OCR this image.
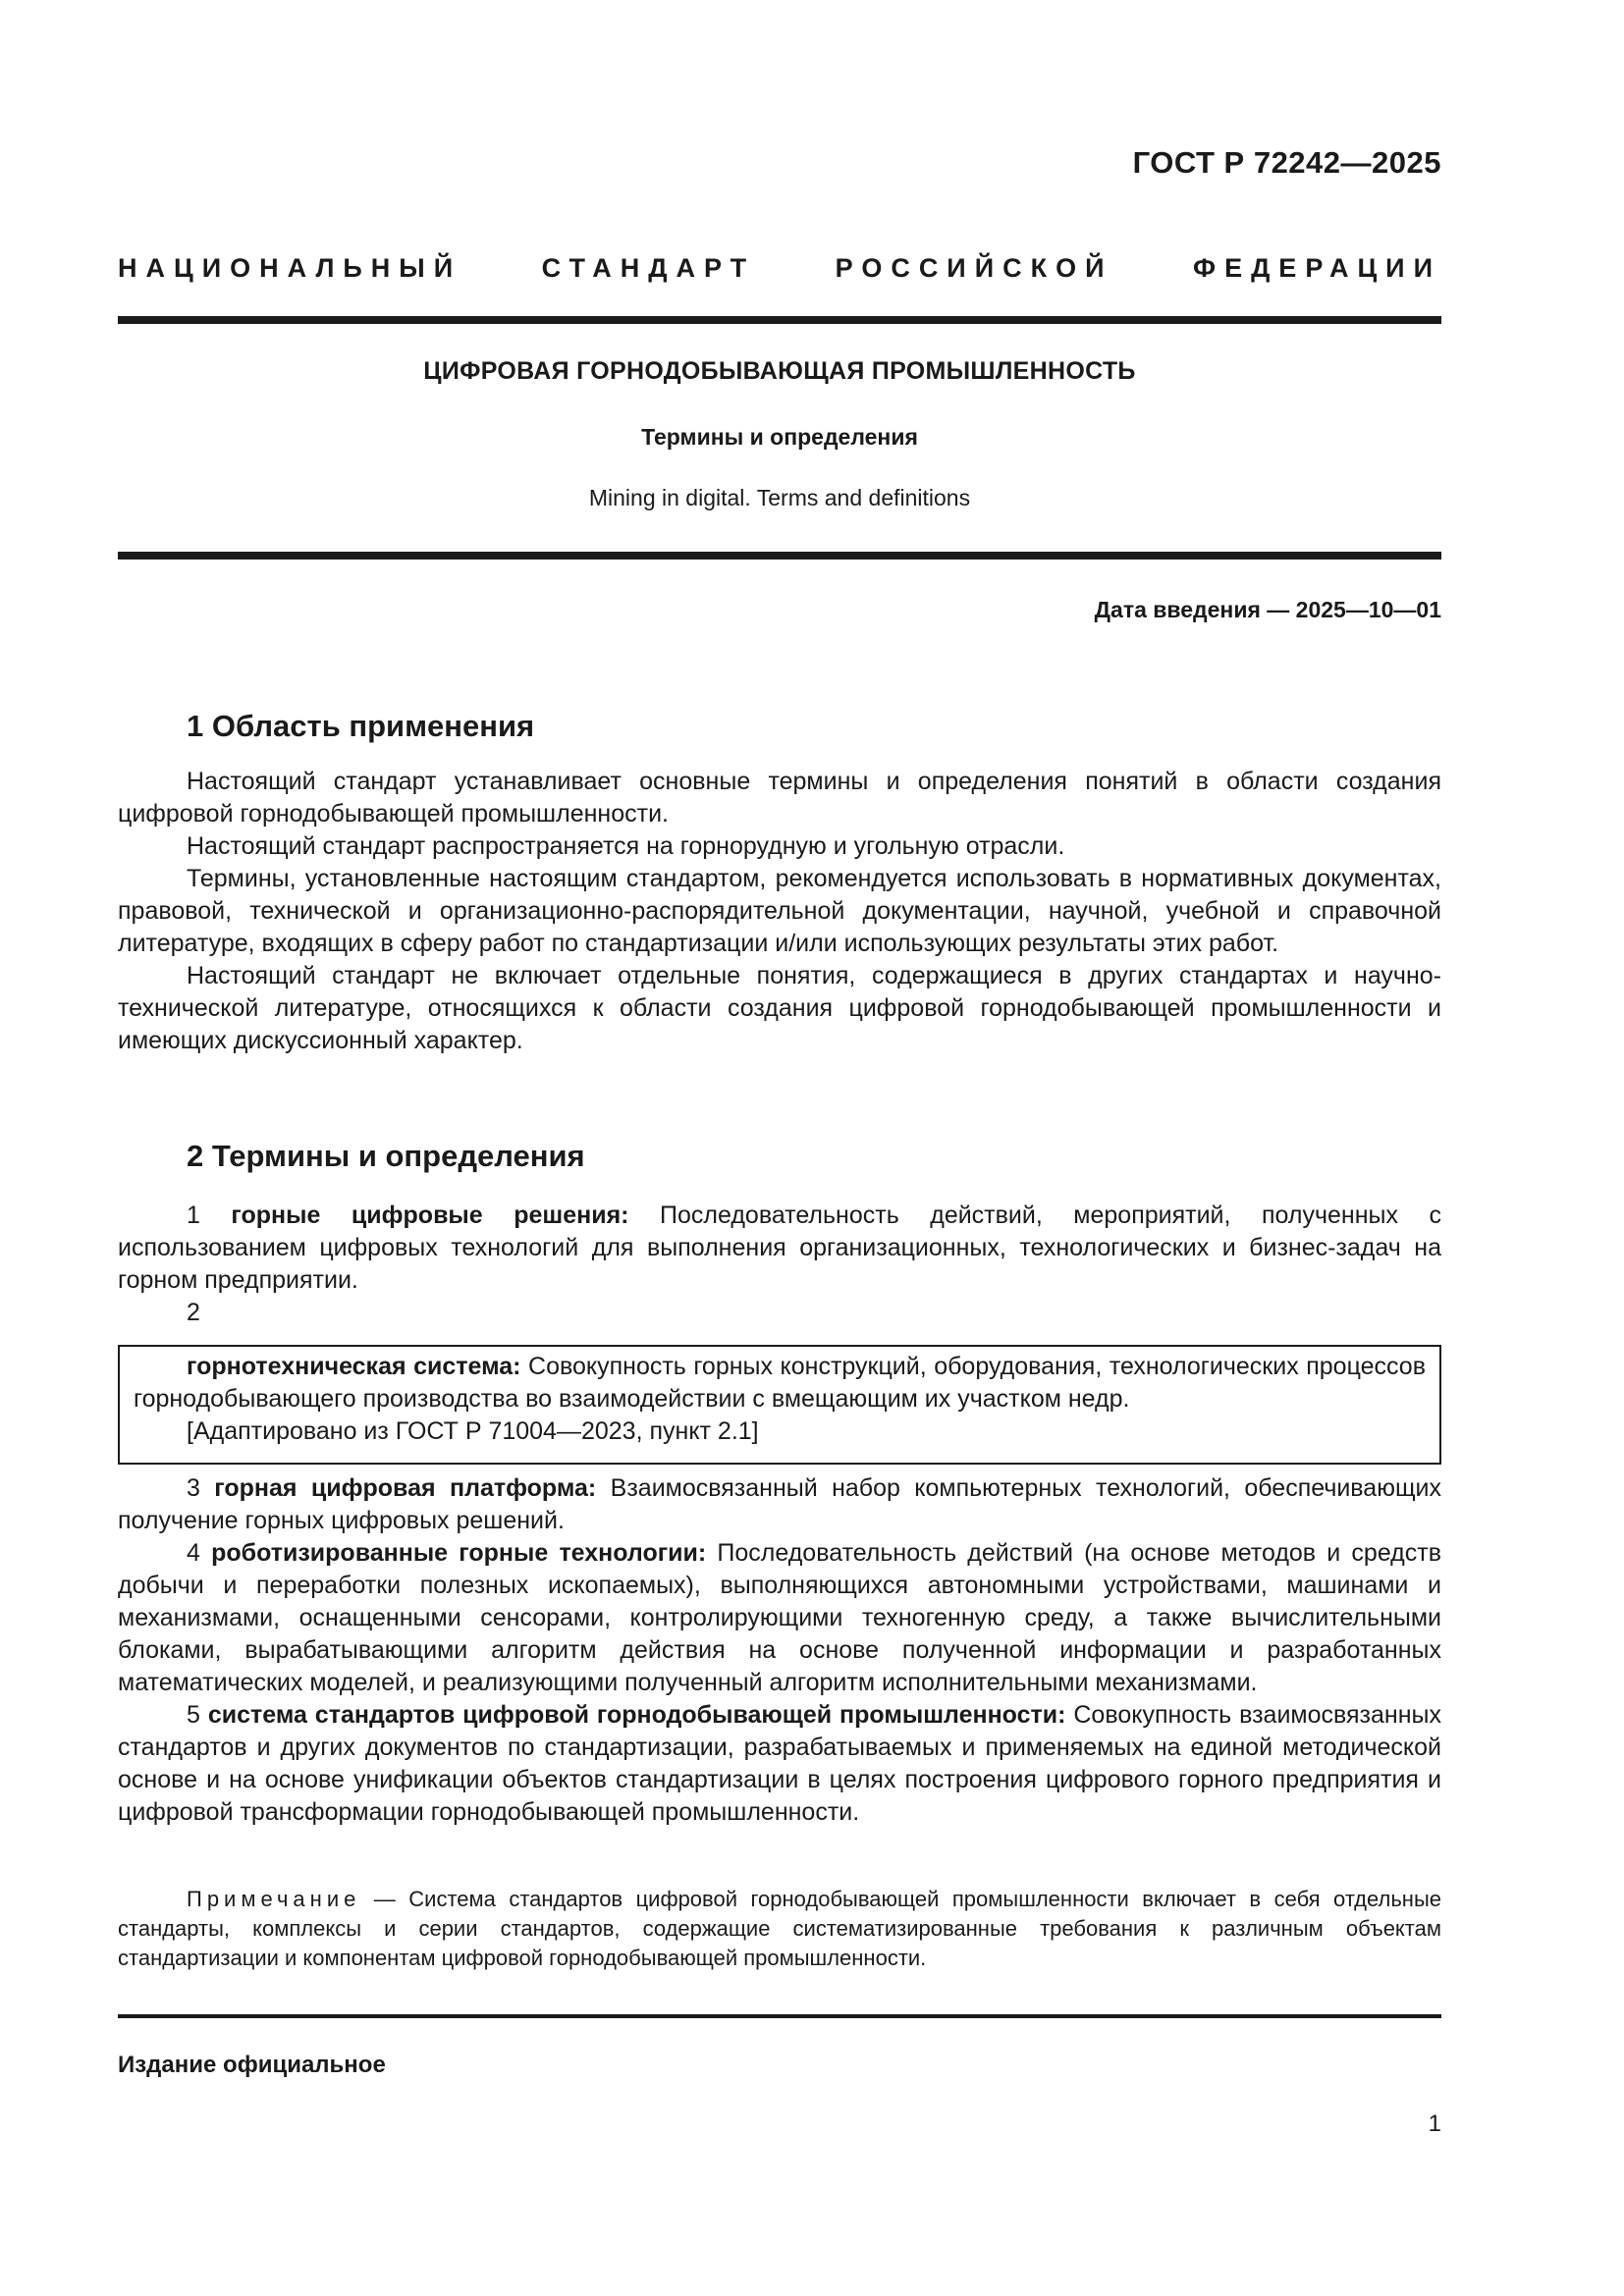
ГОСТ Р 72242—2025
НАЦИОНАЛЬНЫЙ СТАНДАРТ РОССИЙСКОЙ ФЕДЕРАЦИИ
ЦИФРОВАЯ ГОРНОДОБЫВАЮЩАЯ ПРОМЫШЛЕННОСТЬ
Термины и определения
Mining in digital. Terms and definitions
Дата введения — 2025—10—01
1 Область применения

Настоящий стандарт устанавливает основные термины и определения понятий в области создания цифровой горнодобывающей промышленности.

Настоящий стандарт распространяется на горнорудную и угольную отрасли.

Термины, установленные настоящим стандартом, рекомендуется использовать в нормативных документах, правовой, технической и организационно-распорядительной документации, научной, учебной и справочной литературе, входящих в сферу работ по стандартизации и/или использующих результаты этих работ.

Настоящий стандарт не включает отдельные понятия, содержащиеся в других стандартах и научно-технической литературе, относящихся к области создания цифровой горнодобывающей промышленности и имеющих дискуссионный характер.

2 Термины и определения

1 горные цифровые решения: Последовательность действий, мероприятий, полученных с использованием цифровых технологий для выполнения организационных, технологических и бизнес-задач на горном предприятии.

2

горнотехническая система: Совокупность горных конструкций, оборудования, технологических процессов горнодобывающего производства во взаимодействии с вмещающим их участком недр.

[Адаптировано из ГОСТ Р 71004—2023, пункт 2.1]

3 горная цифровая платформа: Взаимосвязанный набор компьютерных технологий, обеспечивающих получение горных цифровых решений.

4 роботизированные горные технологии: Последовательность действий (на основе методов и средств добычи и переработки полезных ископаемых), выполняющихся автономными устройствами, машинами и механизмами, оснащенными сенсорами, контролирующими техногенную среду, а также вычислительными блоками, вырабатывающими алгоритм действия на основе полученной информации и разработанных математических моделей, и реализующими полученный алгоритм исполнительными механизмами.

5 система стандартов цифровой горнодобывающей промышленности: Совокупность взаимосвязанных стандартов и других документов по стандартизации, разрабатываемых и применяемых на единой методической основе и на основе унификации объектов стандартизации в целях построения цифрового горного предприятия и цифровой трансформации горнодобывающей промышленности.

Примечание — Система стандартов цифровой горнодобывающей промышленности включает в себя отдельные стандарты, комплексы и серии стандартов, содержащие систематизированные требования к различным объектам стандартизации и компонентам цифровой горнодобывающей промышленности.

Издание официальное
1
